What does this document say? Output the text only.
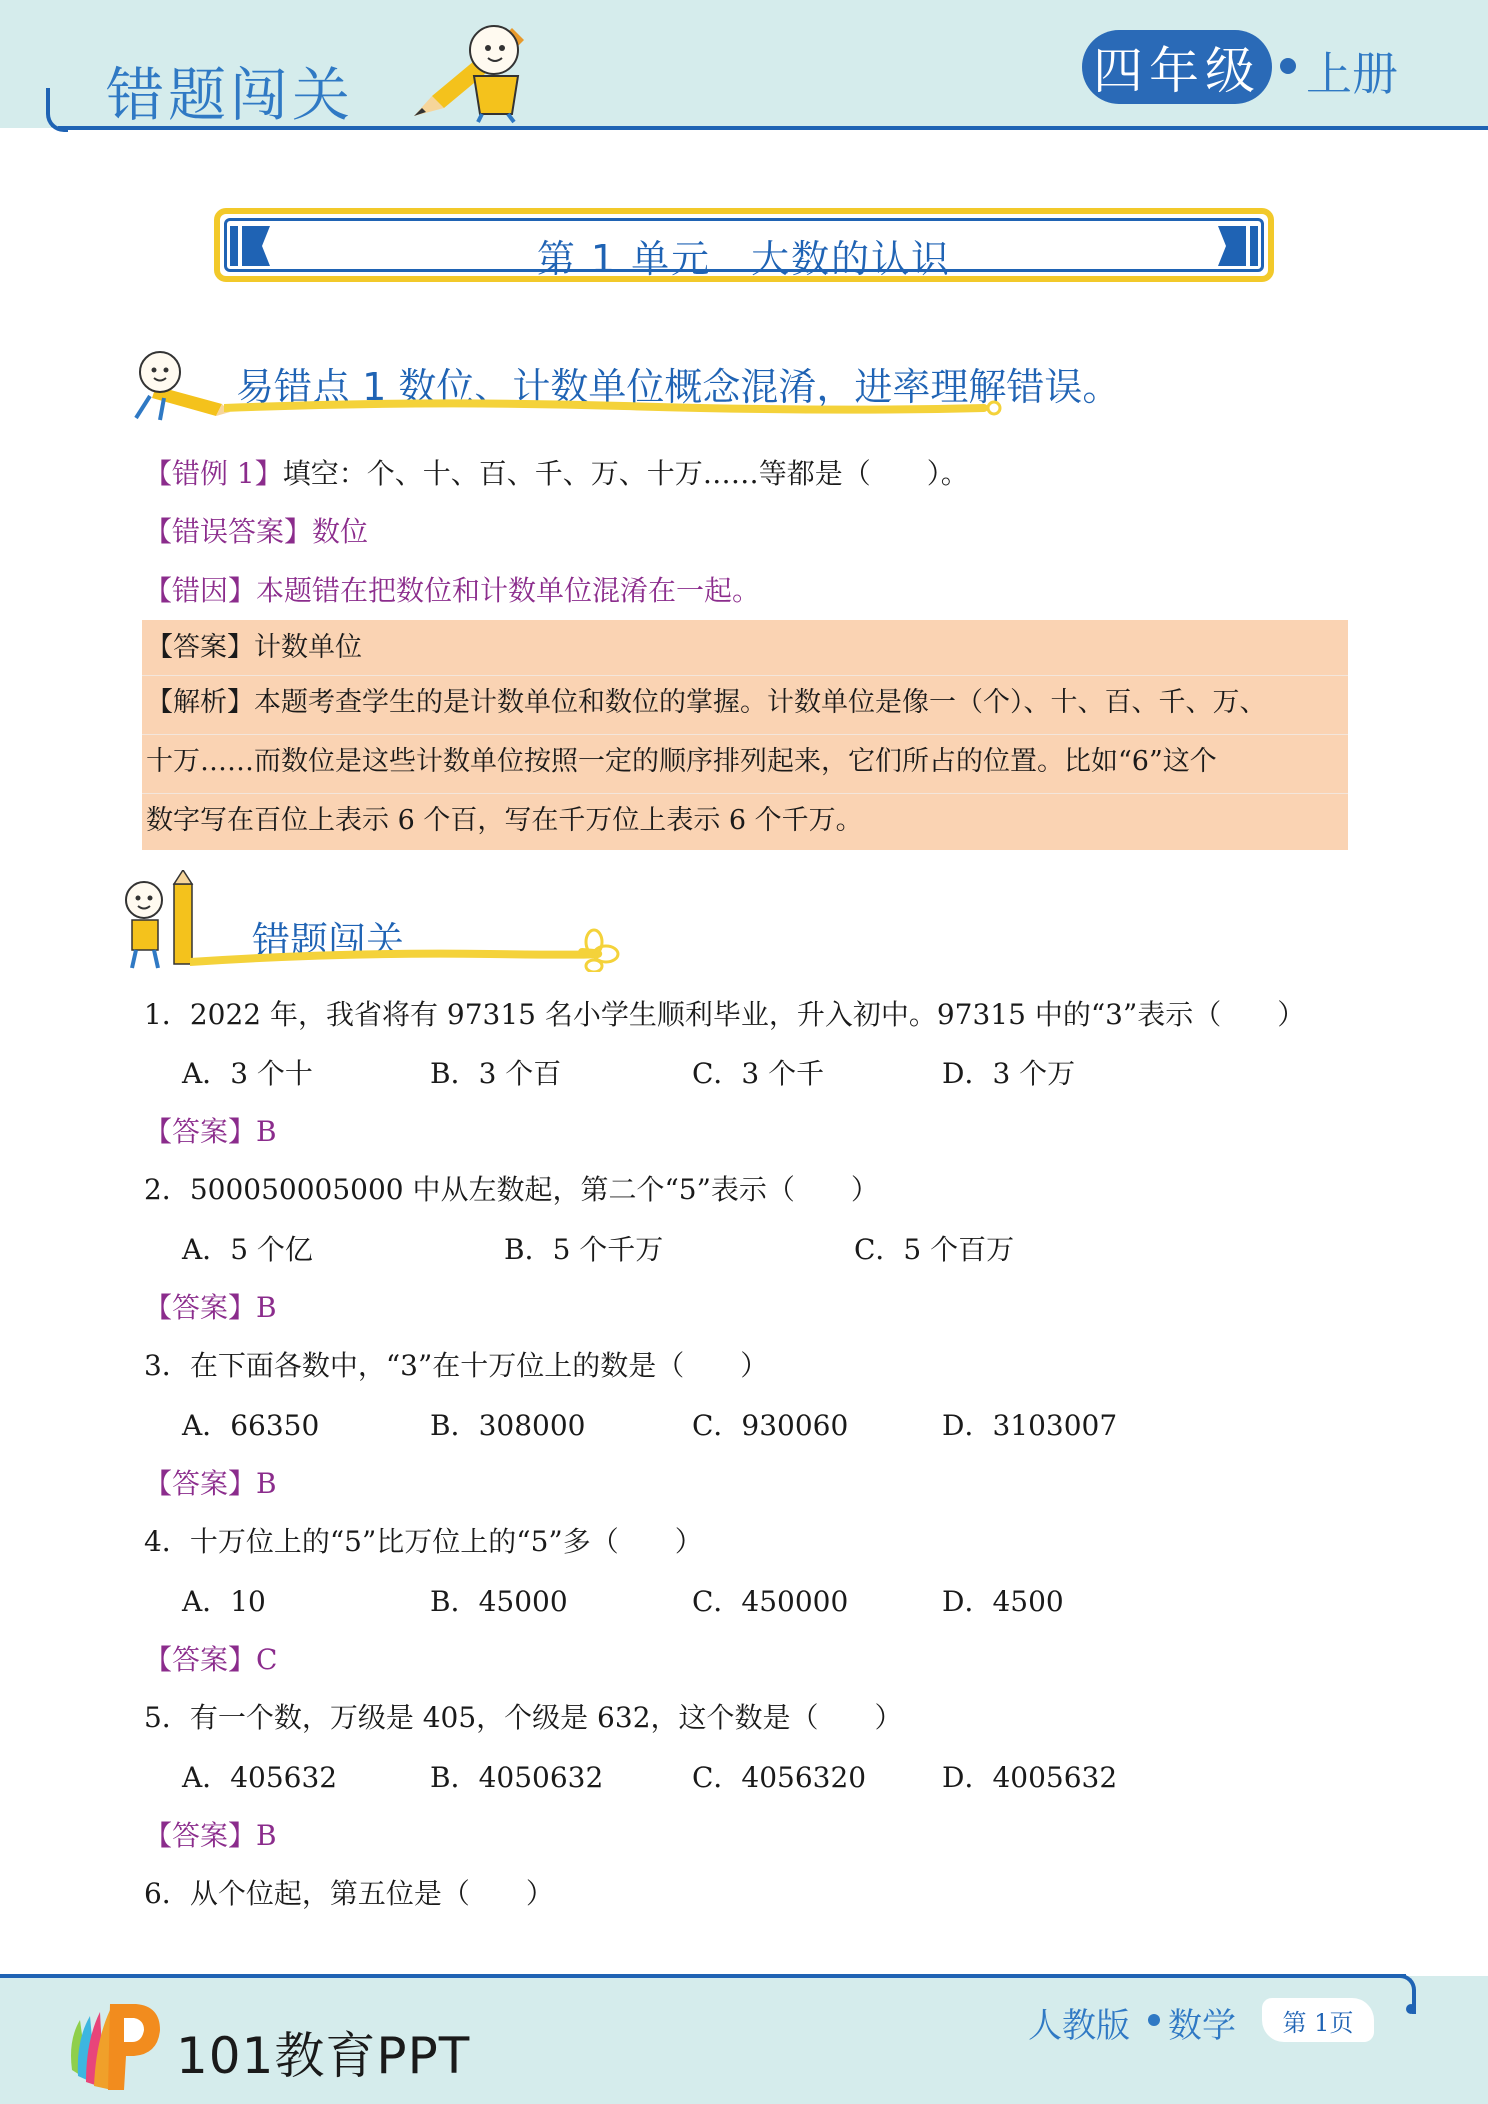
错题闯关	四年级 上册
第 1 单元　大数的认识
易错点 1 数位、计数单位概念混淆，进率理解错误。
【错例 1】填空：个、十、百、千、万、十万……等都是（　　）。
【错误答案】数位
【错因】本题错在把数位和计数单位混淆在一起。
【答案】计数单位
【解析】本题考查学生的是计数单位和数位的掌握。计数单位是像一（个）、十、百、千、万、
十万……而数位是这些计数单位按照一定的顺序排列起来，它们所占的位置。比如“6”这个
数字写在百位上表示 6 个百，写在千万位上表示 6 个千万。
错题闯关
1．2022 年，我省将有 97315 名小学生顺利毕业，升入初中。97315 中的“3”表示（　　）
A．3 个十	B．3 个百	C．3 个千	D．3 个万
【答案】B
2．500050005000 中从左数起，第二个“5”表示（　　）
A．5 个亿	B．5 个千万	C．5 个百万
【答案】B
3．在下面各数中，“3”在十万位上的数是（　　）
A．66350	B．308000	C．930060	D．3103007
【答案】B
4．十万位上的“5”比万位上的“5”多（　　）
A．10	B．45000	C．450000	D．4500
【答案】C
5．有一个数，万级是 405，个级是 632，这个数是（　　）
A．405632	B．4050632	C．4056320	D．4005632
【答案】B
6．从个位起，第五位是（　　）
101教育PPT
人教版 数学	第 1页
